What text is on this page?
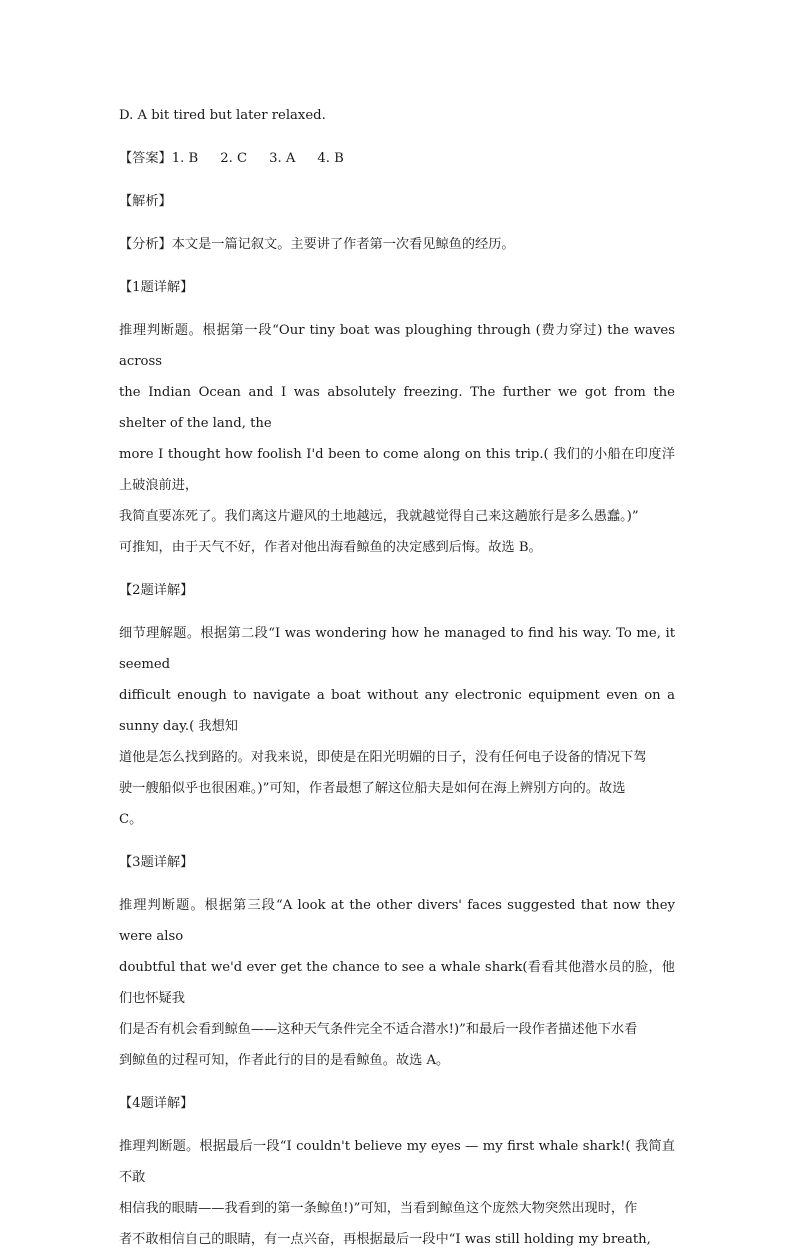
D. A bit tired but later relaxed.
【答案】1. B 2. C 3. A 4. B
【解析】
【分析】本文是一篇记叙文。主要讲了作者第一次看见鲸鱼的经历。
【1题详解】
推理判断题。根据第一段“Our tiny boat was ploughing through (费力穿过) the waves across
the Indian Ocean and I was absolutely freezing. The further we got from the shelter of the land, the
more I thought how foolish I'd been to come along on this trip.( 我们的小船在印度洋上破浪前进，
我简直要冻死了。我们离这片避风的土地越远，我就越觉得自己来这趟旅行是多么愚蠢。)”
可推知，由于天气不好，作者对他出海看鲸鱼的决定感到后悔。故选 B。
【2题详解】
细节理解题。根据第二段“I was wondering how he managed to find his way. To me, it seemed
difficult enough to navigate a boat without any electronic equipment even on a sunny day.( 我想知
道他是怎么找到路的。对我来说，即使是在阳光明媚的日子，没有任何电子设备的情况下驾
驶一艘船似乎也很困难。)”可知，作者最想了解这位船夫是如何在海上辨别方向的。故选
C。
【3题详解】
推理判断题。根据第三段“A look at the other divers' faces suggested that now they were also
doubtful that we'd ever get the chance to see a whale shark(看看其他潜水员的脸，他们也怀疑我
们是否有机会看到鲸鱼——这种天气条件完全不适合潜水!)”和最后一段作者描述他下水看
到鲸鱼的过程可知，作者此行的目的是看鲸鱼。故选 A。
【4题详解】
推理判断题。根据最后一段“I couldn't believe my eyes — my first whale shark!( 我简直不敢
相信我的眼睛——我看到的第一条鲸鱼!)”可知，当看到鲸鱼这个庞然大物突然出现时，作
者不敢相信自己的眼睛，有一点兴奋，再根据最后一段中“I was still holding my breath,
